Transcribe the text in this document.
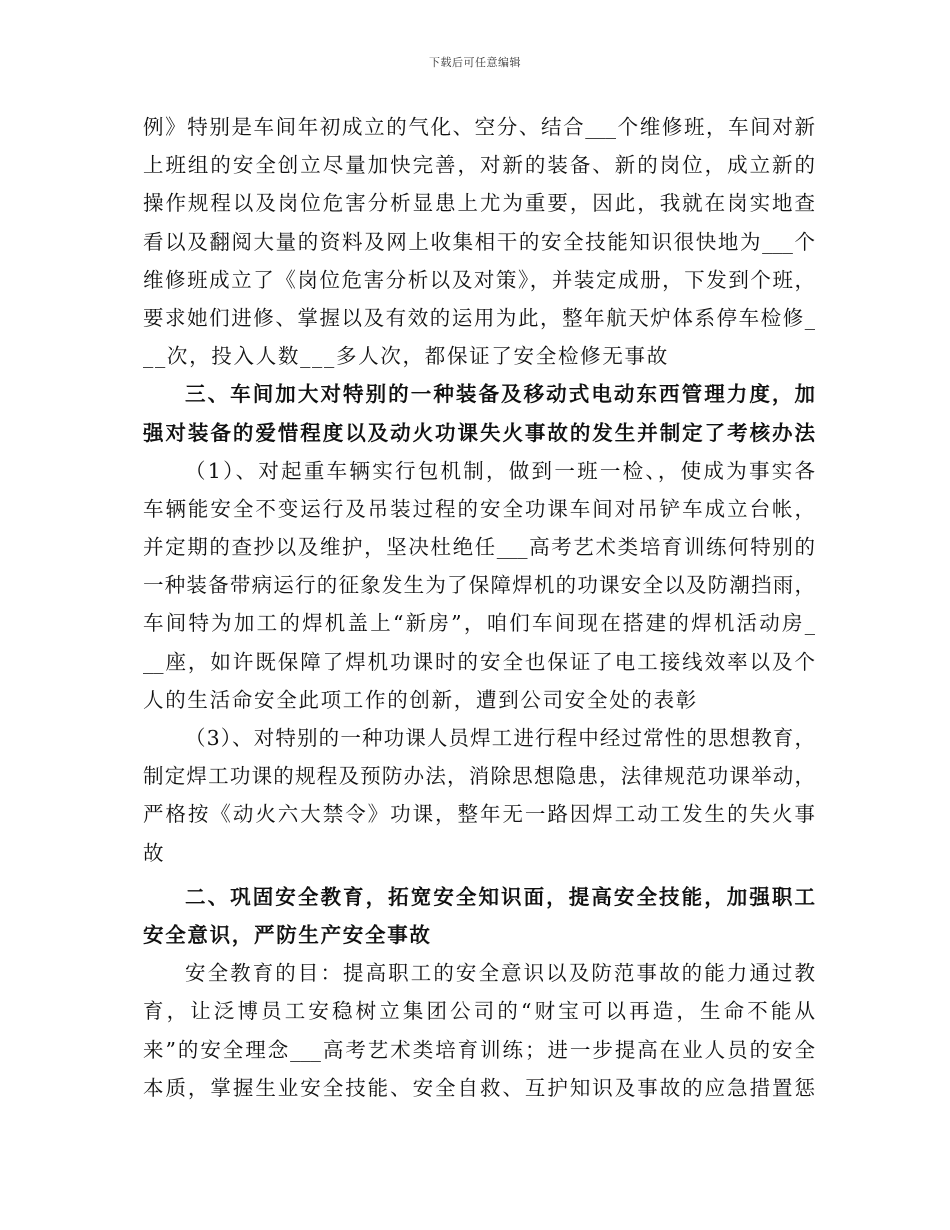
下载后可任意编辑
例》特别是车间年初成立的气化、空分、结合___个维修班，车间对新
上班组的安全创立尽量加快完善，对新的装备、新的岗位，成立新的
操作规程以及岗位危害分析显患上尤为重要，因此，我就在岗实地查
看以及翻阅大量的资料及网上收集相干的安全技能知识很快地为___个
维修班成立了《岗位危害分析以及对策》，并装定成册，下发到个班，
要求她们进修、掌握以及有效的运用为此，整年航天炉体系停车检修_
__次，投入人数___多人次，都保证了安全检修无事故
三、车间加大对特别的一种装备及移动式电动东西管理力度，加
强对装备的爱惜程度以及动火功课失火事故的发生并制定了考核办法
（1）、对起重车辆实行包机制，做到一班一检、，使成为事实各
车辆能安全不变运行及吊装过程的安全功课车间对吊铲车成立台帐，
并定期的查抄以及维护，坚决杜绝任___高考艺术类培育训练何特别的
一种装备带病运行的征象发生为了保障焊机的功课安全以及防潮挡雨，
车间特为加工的焊机盖上“新房”，咱们车间现在搭建的焊机活动房_
__座，如许既保障了焊机功课时的安全也保证了电工接线效率以及个
人的生活命安全此项工作的创新，遭到公司安全处的表彰
（3）、对特别的一种功课人员焊工进行程中经过常性的思想教育，
制定焊工功课的规程及预防办法，消除思想隐患，法律规范功课举动，
严格按《动火六大禁令》功课，整年无一路因焊工动工发生的失火事
故
二、巩固安全教育，拓宽安全知识面，提高安全技能，加强职工
安全意识，严防生产安全事故
安全教育的目：提高职工的安全意识以及防范事故的能力通过教
育，让泛博员工安稳树立集团公司的“财宝可以再造，生命不能从
来”的安全理念___高考艺术类培育训练；进一步提高在业人员的安全
本质，掌握生业安全技能、安全自救、互护知识及事故的应急措置惩
